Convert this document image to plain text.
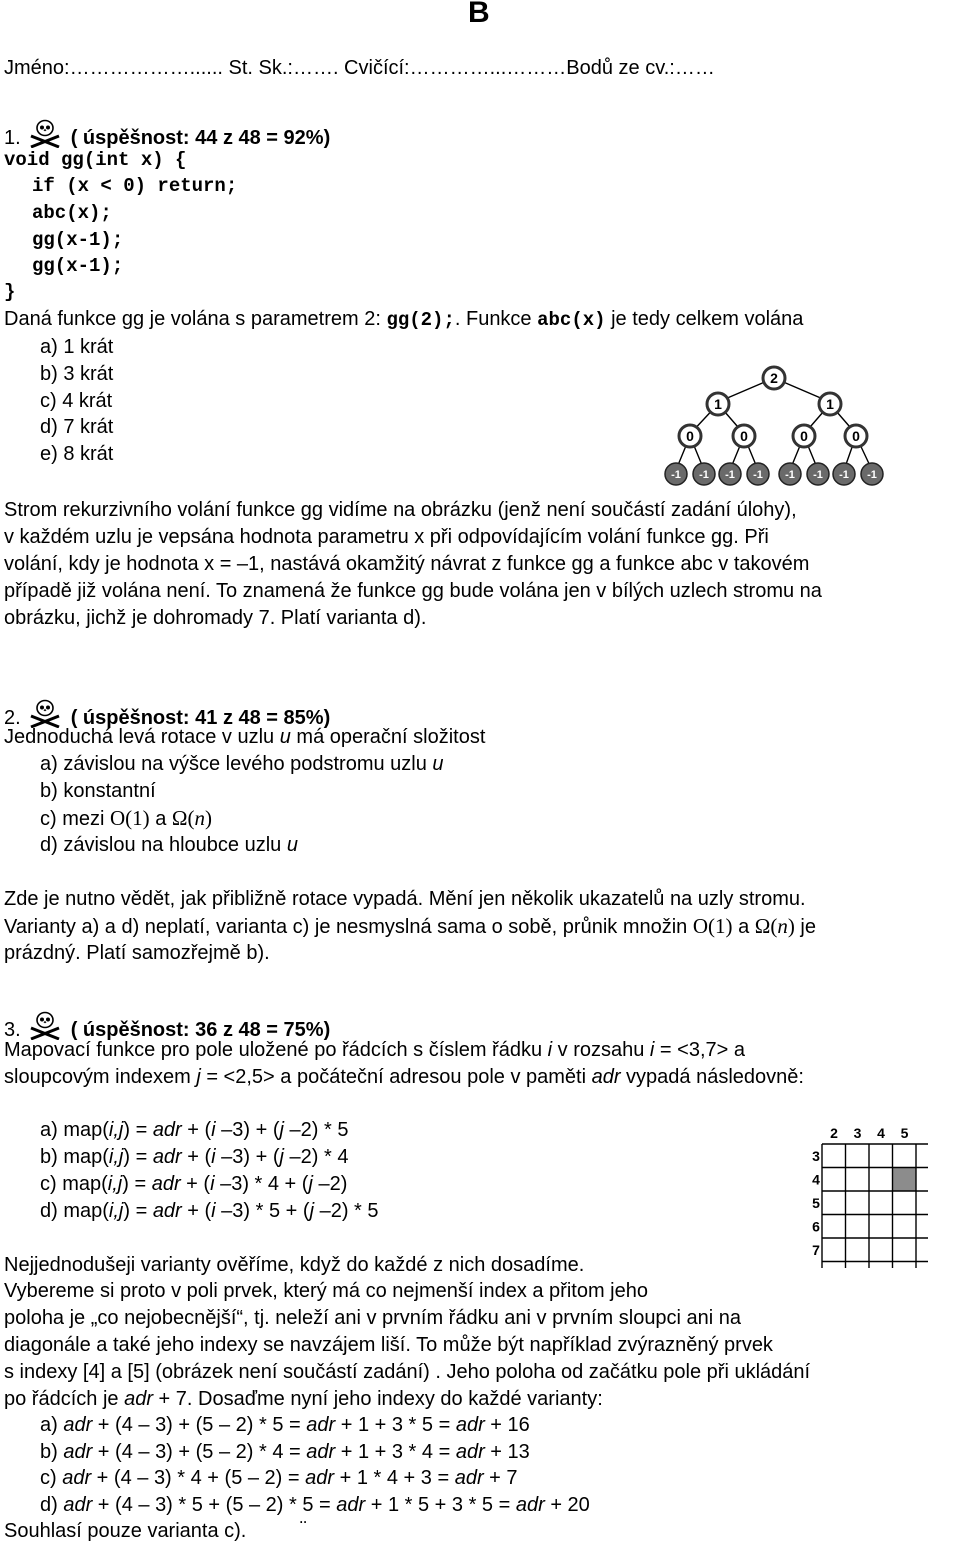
B
Jméno:………………...... St. Sk.:……. Cvičící:…………...………Bodů ze cv.:……
1.	( úspěšnost: 44 z 48 = 92%)
void gg(int x) {
if (x < 0) return;
abc(x);
gg(x-1);
gg(x-1);
}
Daná funkce gg je volána s parametrem 2: gg(2);. Funkce abc(x) je tedy celkem volána
a) 1 krát
b) 3 krát
c) 4 krát
d) 7 krát
e) 8 krát
2
1	1
0	0	0	0
-1 -1 -1 -1 -1 -1 -1 -1
Strom rekurzivního volání funkce gg vidíme na obrázku (jenž není součástí zadání úlohy),
v každém uzlu je vepsána hodnota parametru x při odpovídajícím volání funkce gg. Při
volání, kdy je hodnota x = –1, nastává okamžitý návrat z funkce gg a funkce abc v takovém
případě již volána není. To znamená že funkce gg bude volána jen v bílých uzlech stromu na
obrázku, jichž je dohromady 7. Platí varianta d).
2.	( úspěšnost: 41 z 48 = 85%)
Jednoduchá levá rotace v uzlu u má operační složitost
a) závislou na výšce levého podstromu uzlu u
b) konstantní
c) mezi O(1) a Ω(n)
d) závislou na hloubce uzlu u
Zde je nutno vědět, jak přibližně rotace vypadá. Mění jen několik ukazatelů na uzly stromu.
Varianty a) a d) neplatí, varianta c) je nesmyslná sama o sobě, průnik množin O(1) a Ω(n) je
prázdný. Platí samozřejmě b).
3.	( úspěšnost: 36 z 48 = 75%)
Mapovací funkce pro pole uložené po řádcích s číslem řádku i v rozsahu i = <3,7> a
sloupcovým indexem j = <2,5> a počáteční adresou pole v paměti adr vypadá následovně:
a) map(i,j) = adr + (i –3) + (j –2) * 5
b) map(i,j) = adr + (i –3) + (j –2) * 4
c) map(i,j) = adr + (i –3) * 4 + (j –2)
d) map(i,j) = adr + (i –3) * 5 + (j –2) * 5
2 3 4 5
3
4
5
6
7
Nejjednodušeji varianty ověříme, když do každé z nich dosadíme.
Vybereme si proto v poli prvek, který má co nejmenší index a přitom jeho
poloha je „co nejobecnější“, tj. neleží ani v prvním řádku ani v prvním sloupci ani na
diagonále a také jeho indexy se navzájem liší. To může být například zvýrazněný prvek
s indexy [4] a [5] (obrázek není součástí zadání) . Jeho poloha od začátku pole při ukládání
po řádcích je adr + 7. Dosaďme nyní jeho indexy do každé varianty:
a) adr + (4 – 3) + (5 – 2) * 5 = adr + 1 + 3 * 5 = adr + 16
b) adr + (4 – 3) + (5 – 2) * 4 = adr + 1 + 3 * 4 = adr + 13
c) adr + (4 – 3) * 4 + (5 – 2) = adr + 1 * 4 + 3 = adr + 7
d) adr + (4 – 3) * 5 + (5 – 2) * 5 = adr + 1 * 5 + 3 * 5 = adr + 20
Souhlasí pouze varianta c).	¨
